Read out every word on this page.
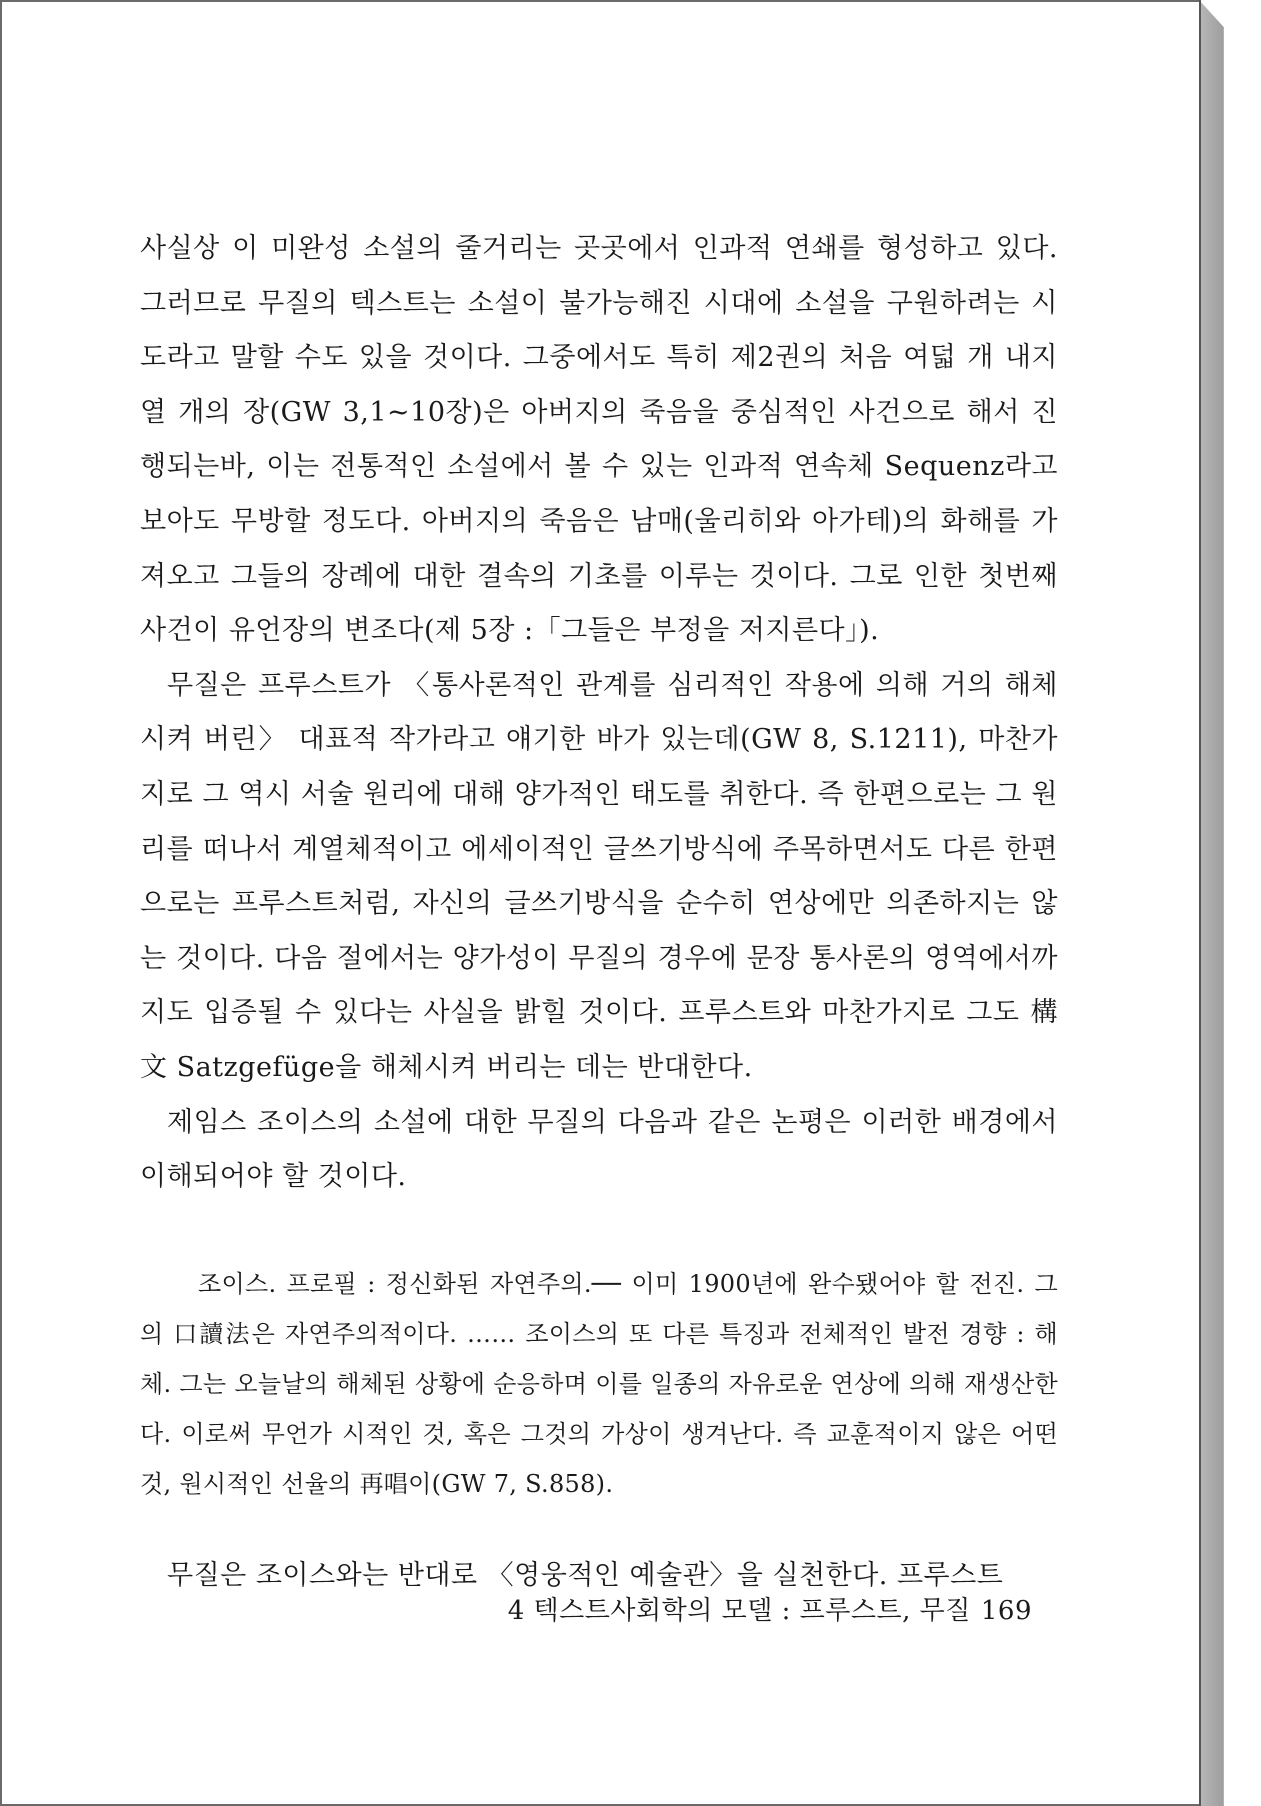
사실상 이 미완성 소설의 줄거리는 곳곳에서 인과적 연쇄를 형성하고 있다. 그러므로 무질의 텍스트는 소설이 불가능해진 시대에 소설을 구원하려는 시도라고 말할 수도 있을 것이다. 그중에서도 특히 제2권의 처음 여덟 개 내지 열 개의 장(GW 3,1~10장)은 아버지의 죽음을 중심적인 사건으로 해서 진행되는바, 이는 전통적인 소설에서 볼 수 있는 인과적 연속체 Sequenz라고 보아도 무방할 정도다. 아버지의 죽음은 남매(울리히와 아가테)의 화해를 가져오고 그들의 장례에 대한 결속의 기초를 이루는 것이다. 그로 인한 첫번째 사건이 유언장의 변조다(제 5장 :「그들은 부정을 저지른다」).

무질은 프루스트가 〈통사론적인 관계를 심리적인 작용에 의해 거의 해체시켜 버린〉 대표적 작가라고 얘기한 바가 있는데(GW 8, S.1211), 마찬가지로 그 역시 서술 원리에 대해 양가적인 태도를 취한다. 즉 한편으로는 그 원리를 떠나서 계열체적이고 에세이적인 글쓰기방식에 주목하면서도 다른 한편으로는 프루스트처럼, 자신의 글쓰기방식을 순수히 연상에만 의존하지는 않는 것이다. 다음 절에서는 양가성이 무질의 경우에 문장 통사론의 영역에서까지도 입증될 수 있다는 사실을 밝힐 것이다. 프루스트와 마찬가지로 그도 構文 Satzgefüge을 해체시켜 버리는 데는 반대한다.

제임스 조이스의 소설에 대한 무질의 다음과 같은 논평은 이러한 배경에서 이해되어야 할 것이다.

조이스. 프로필 : 정신화된 자연주의.── 이미 1900년에 완수됐어야 할 전진. 그의 口讀法은 자연주의적이다. …… 조이스의 또 다른 특징과 전체적인 발전 경향 : 해체. 그는 오늘날의 해체된 상황에 순응하며 이를 일종의 자유로운 연상에 의해 재생산한다. 이로써 무언가 시적인 것, 혹은 그것의 가상이 생겨난다. 즉 교훈적이지 않은 어떤 것, 원시적인 선율의 再唱이(GW 7, S.858).

무질은 조이스와는 반대로 〈영웅적인 예술관〉을 실천한다. 프루스트

4 텍스트사회학의 모델 : 프루스트, 무질 169
